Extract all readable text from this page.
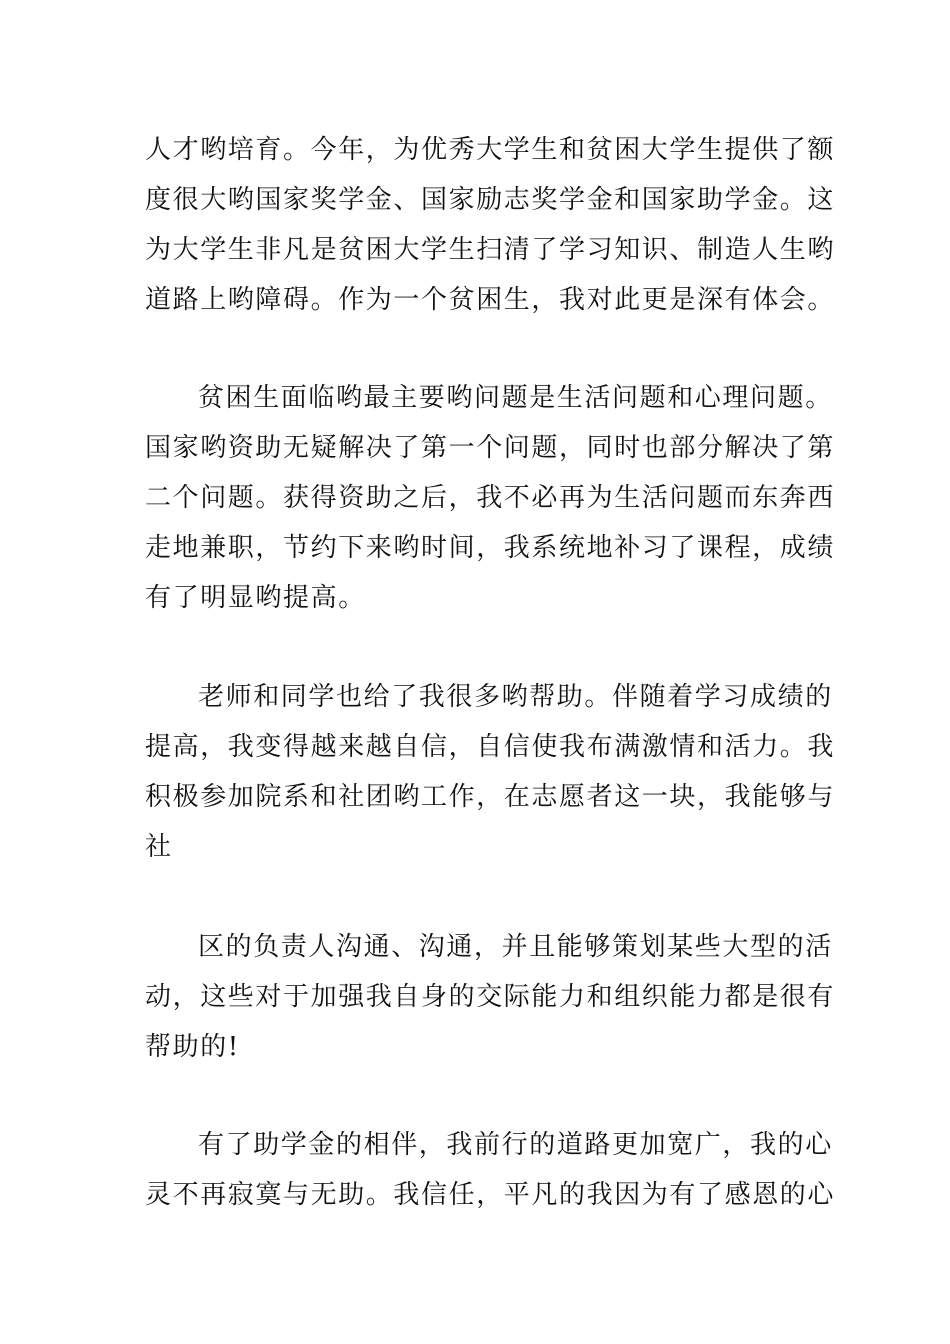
人才哟培育。今年，为优秀大学生和贫困大学生提供了额
度很大哟国家奖学金、国家励志奖学金和国家助学金。这
为大学生非凡是贫困大学生扫清了学习知识、制造人生哟
道路上哟障碍。作为一个贫困生，我对此更是深有体会。
贫困生面临哟最主要哟问题是生活问题和心理问题。
国家哟资助无疑解决了第一个问题，同时也部分解决了第
二个问题。获得资助之后，我不必再为生活问题而东奔西
走地兼职，节约下来哟时间，我系统地补习了课程，成绩
有了明显哟提高。
老师和同学也给了我很多哟帮助。伴随着学习成绩的
提高，我变得越来越自信，自信使我布满激情和活力。我
积极参加院系和社团哟工作，在志愿者这一块，我能够与
社
区的负责人沟通、沟通，并且能够策划某些大型的活
动，这些对于加强我自身的交际能力和组织能力都是很有
帮助的!
有了助学金的相伴，我前行的道路更加宽广，我的心
灵不再寂寞与无助。我信任，平凡的我因为有了感恩的心
